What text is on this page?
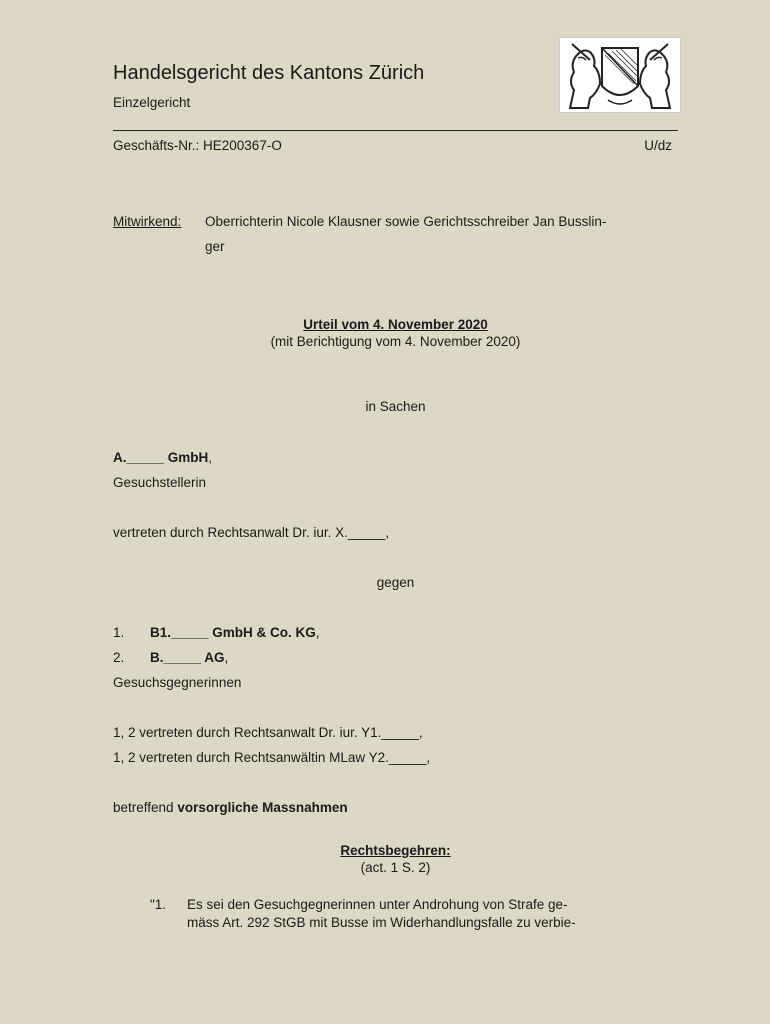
Handelsgericht des Kantons Zürich
Einzelgericht
Geschäfts-Nr.: HE200367-O	U/dz
Mitwirkend: Oberrichterin Nicole Klausner sowie Gerichtsschreiber Jan Busslin-
ger
Urteil vom 4. November 2020
(mit Berichtigung vom 4. November 2020)
in Sachen
A._____ GmbH,
Gesuchstellerin
vertreten durch Rechtsanwalt Dr. iur. X._____,
gegen
1. B1._____ GmbH & Co. KG,
2. B._____ AG,
Gesuchsgegnerinnen
1, 2 vertreten durch Rechtsanwalt Dr. iur. Y1._____,
1, 2 vertreten durch Rechtsanwältin MLaw Y2._____,
betreffend vorsorgliche Massnahmen
Rechtsbegehren:
(act. 1 S. 2)
"1. Es sei den Gesuchgegnerinnen unter Androhung von Strafe ge-
mäss Art. 292 StGB mit Busse im Widerhandlungsfalle zu verbie-
